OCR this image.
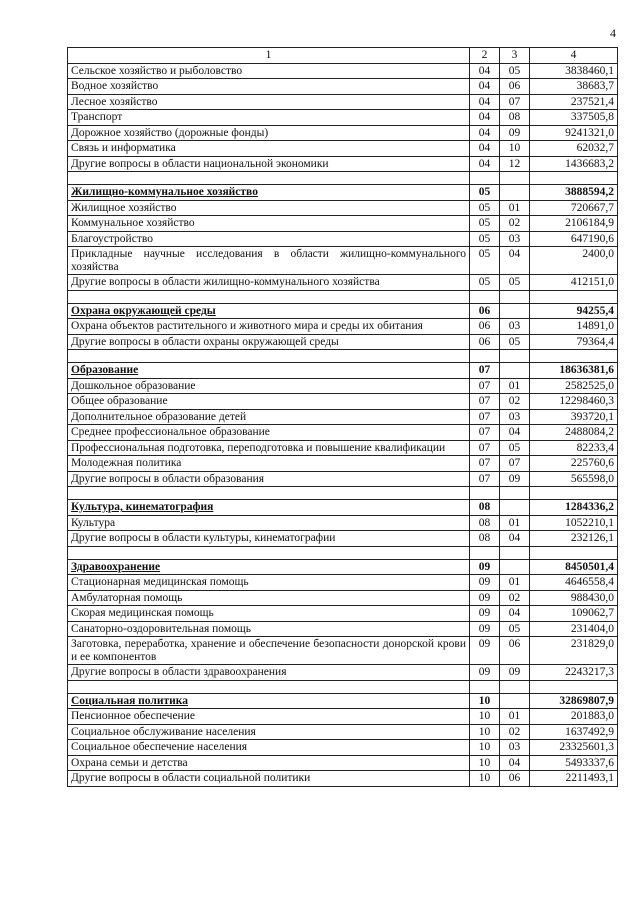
4
1	2	3	4
Сельское хозяйство и рыболовство	04	05	3838460,1
Водное хозяйство	04	06	38683,7
Лесное хозяйство	04	07	237521,4
Транспорт	04	08	337505,8
Дорожное хозяйство (дорожные фонды)	04	09	9241321,0
Связь и информатика	04	10	62032,7
Другие вопросы в области национальной экономики	04	12	1436683,2

Жилищно-коммунальное хозяйство	05		3888594,2
Жилищное хозяйство	05	01	720667,7
Коммунальное хозяйство	05	02	2106184,9
Благоустройство	05	03	647190,6
Прикладные научные исследования в области жилищно-коммунального хозяйства	05	04	2400,0
Другие вопросы в области жилищно-коммунального хозяйства	05	05	412151,0

Охрана окружающей среды	06		94255,4
Охрана объектов растительного и животного мира и среды их обитания	06	03	14891,0
Другие вопросы в области охраны окружающей среды	06	05	79364,4

Образование	07		18636381,6
Дошкольное образование	07	01	2582525,0
Общее образование	07	02	12298460,3
Дополнительное образование детей	07	03	393720,1
Среднее профессиональное образование	07	04	2488084,2
Профессиональная подготовка, переподготовка и повышение квалификации	07	05	82233,4
Молодежная политика	07	07	225760,6
Другие вопросы в области образования	07	09	565598,0

Культура, кинематография	08		1284336,2
Культура	08	01	1052210,1
Другие вопросы в области культуры, кинематографии	08	04	232126,1

Здравоохранение	09		8450501,4
Стационарная медицинская помощь	09	01	4646558,4
Амбулаторная помощь	09	02	988430,0
Скорая медицинская помощь	09	04	109062,7
Санаторно-оздоровительная помощь	09	05	231404,0
Заготовка, переработка, хранение и обеспечение безопасности донорской крови и ее компонентов	09	06	231829,0
Другие вопросы в области здравоохранения	09	09	2243217,3

Социальная политика	10		32869807,9
Пенсионное обеспечение	10	01	201883,0
Социальное обслуживание населения	10	02	1637492,9
Социальное обеспечение населения	10	03	23325601,3
Охрана семьи и детства	10	04	5493337,6
Другие вопросы в области социальной политики	10	06	2211493,1
